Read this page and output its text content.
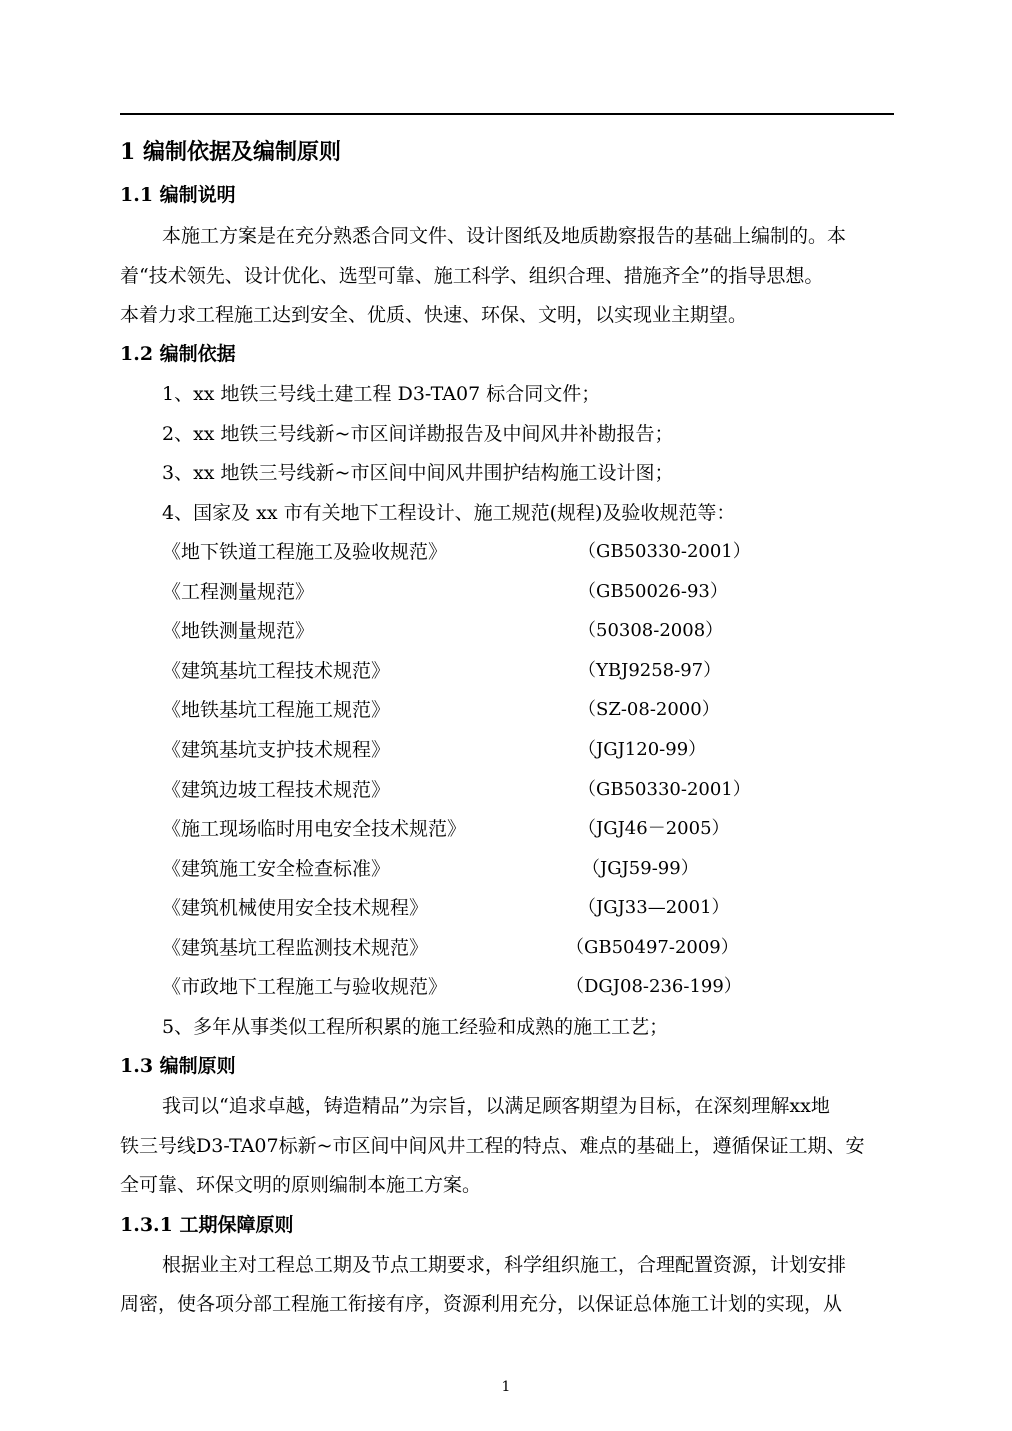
1 编制依据及编制原则
1.1 编制说明
本施工方案是在充分熟悉合同文件、设计图纸及地质勘察报告的基础上编制的。本
着“技术领先、设计优化、选型可靠、施工科学、组织合理、措施齐全”的指导思想。
本着力求工程施工达到安全、优质、快速、环保、文明，以实现业主期望。
1.2 编制依据
1、xx 地铁三号线土建工程 D3-TA07 标合同文件；
2、xx 地铁三号线新~市区间详勘报告及中间风井补勘报告；
3、xx 地铁三号线新~市区间中间风井围护结构施工设计图；
4、国家及 xx 市有关地下工程设计、施工规范(规程)及验收规范等：
《地下铁道工程施工及验收规范》	（GB50330-2001）
《工程测量规范》	（GB50026-93）
《地铁测量规范》	（50308-2008）
《建筑基坑工程技术规范》	（YBJ9258-97）
《地铁基坑工程施工规范》	（SZ-08-2000）
《建筑基坑支护技术规程》	（JGJ120-99）
《建筑边坡工程技术规范》	（GB50330-2001）
《施工现场临时用电安全技术规范》	（JGJ46－2005）
《建筑施工安全检查标准》	（JGJ59-99）
《建筑机械使用安全技术规程》	（JGJ33—2001）
《建筑基坑工程监测技术规范》	（GB50497-2009）
《市政地下工程施工与验收规范》	（DGJ08-236-199）
5、多年从事类似工程所积累的施工经验和成熟的施工工艺；
1.3 编制原则
我司以“追求卓越，铸造精品”为宗旨，以满足顾客期望为目标，在深刻理解xx地
铁三号线D3-TA07标新~市区间中间风井工程的特点、难点的基础上，遵循保证工期、安
全可靠、环保文明的原则编制本施工方案。
1.3.1 工期保障原则
根据业主对工程总工期及节点工期要求，科学组织施工，合理配置资源，计划安排
周密，使各项分部工程施工衔接有序，资源利用充分，以保证总体施工计划的实现，从
1
